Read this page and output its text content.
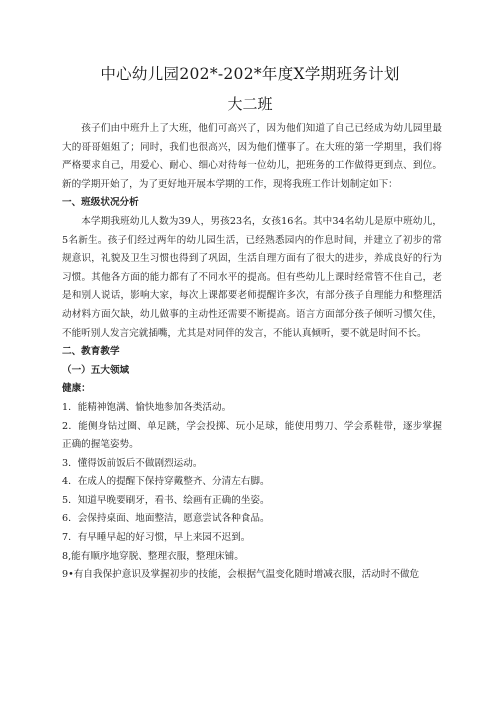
中心幼儿园202*-202*年度X学期班务计划
大二班

孩子们由中班升上了大班，他们可高兴了，因为他们知道了自己已经成为幼儿园里最大的哥哥姐姐了；同时，我们也很高兴，因为他们懂事了。在大班的第一学期里，我们将严格要求自己，用爱心、耐心、细心对待每一位幼儿，把班务的工作做得更到点、到位。新的学期开始了，为了更好地开展本学期的工作，现将我班工作计划制定如下：

一、班级状况分析

本学期我班幼儿人数为39人，男孩23名，女孩16名。其中34名幼儿是原中班幼儿，5名新生。孩子们经过两年的幼儿园生活，已经熟悉园内的作息时间，并建立了初步的常规意识，礼貌及卫生习惯也得到了巩固，生活自理方面有了很大的进步，养成良好的行为习惯。其他各方面的能力都有了不同水平的提高。但有些幼儿上课时经常管不住自己，老是和别人说话，影响大家，每次上课都要老师提醒许多次，有部分孩子自理能力和整理活动材料方面欠缺，幼儿做事的主动性还需要不断提高。语言方面部分孩子倾听习惯欠佳，不能听别人发言完就插嘴，尤其是对同伴的发言，不能认真倾听，要不就是时间不长。

二、教育教学

（一）五大领域

健康：

1．能精神饱满、愉快地参加各类活动。

2．能侧身钻过圈、单足跳，学会投掷、玩小足球，能使用剪刀、学会系鞋带，逐步掌握正确的握笔姿势。

3．懂得饭前饭后不做剧烈运动。

4．在成人的提醒下保持穿戴整齐、分清左右脚。

5．知道早晚要刷牙，看书、绘画有正确的坐姿。

6．会保持桌面、地面整洁，愿意尝试各种食品。

7．有早睡早起的好习惯，早上来园不迟到。

8,能有顺序地穿脱、整理衣服，整理床铺。

9•有自我保护意识及掌握初步的技能，会根据气温变化随时增减衣服，活动时不做危
